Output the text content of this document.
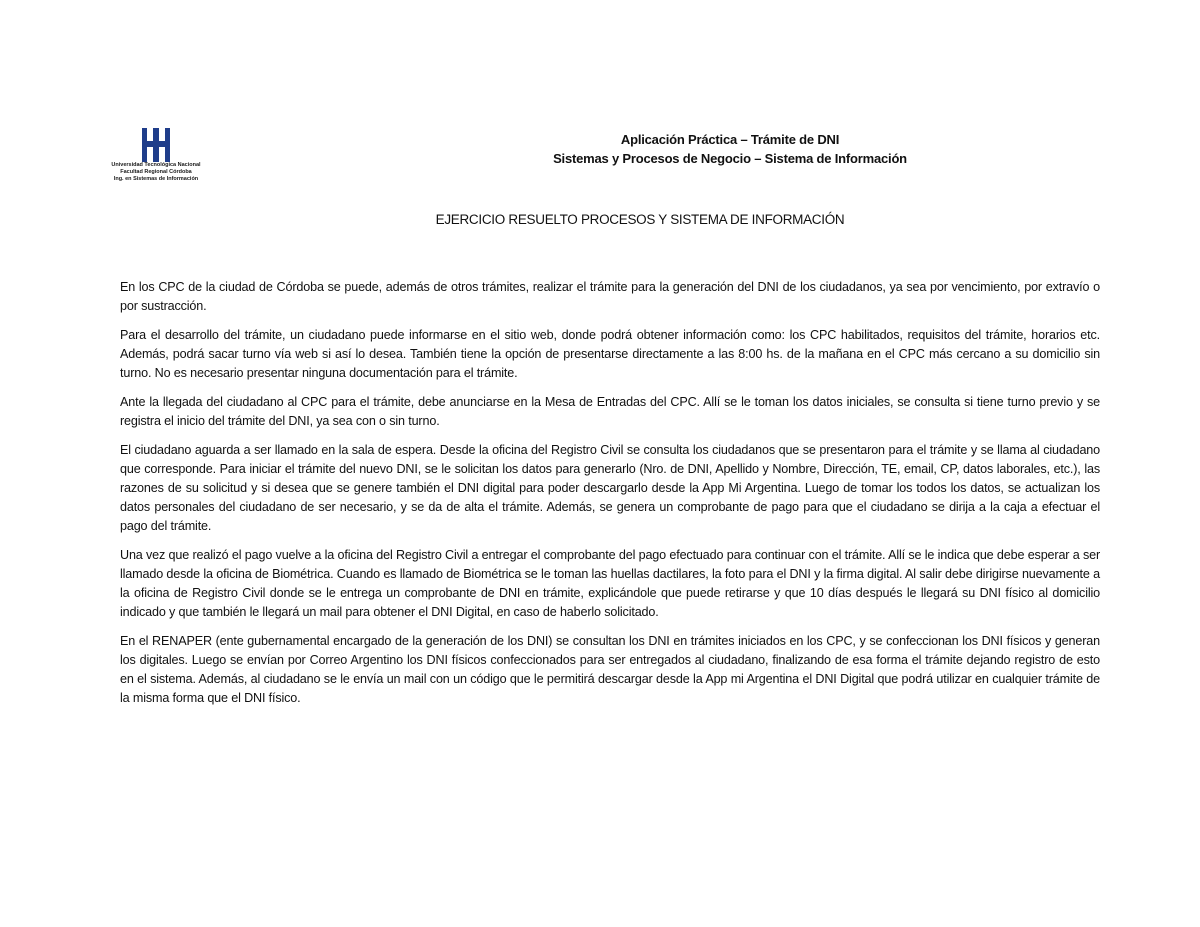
Universidad Tecnológica Nacional
Facultad Regional Córdoba
Ing. en Sistemas de Información
Aplicación Práctica – Trámite de DNI
Sistemas y Procesos de Negocio – Sistema de Información
EJERCICIO RESUELTO PROCESOS Y SISTEMA DE INFORMACIÓN

En los CPC de la ciudad de Córdoba se puede, además de otros trámites, realizar el trámite para la generación del DNI de los ciudadanos, ya sea por vencimiento, por extravío o por sustracción.

Para el desarrollo del trámite, un ciudadano puede informarse en el sitio web, donde podrá obtener información como: los CPC habilitados, requisitos del trámite, horarios etc. Además, podrá sacar turno vía web si así lo desea. También tiene la opción de presentarse directamente a las 8:00 hs. de la mañana en el CPC más cercano a su domicilio sin turno. No es necesario presentar ninguna documentación para el trámite.

Ante la llegada del ciudadano al CPC para el trámite, debe anunciarse en la Mesa de Entradas del CPC. Allí se le toman los datos iniciales, se consulta si tiene turno previo y se registra el inicio del trámite del DNI, ya sea con o sin turno.

El ciudadano aguarda a ser llamado en la sala de espera. Desde la oficina del Registro Civil se consulta los ciudadanos que se presentaron para el trámite y se llama al ciudadano que corresponde. Para iniciar el trámite del nuevo DNI, se le solicitan los datos para generarlo (Nro. de DNI, Apellido y Nombre, Dirección, TE, email, CP, datos laborales, etc.), las razones de su solicitud y si desea que se genere también el DNI digital para poder descargarlo desde la App Mi Argentina. Luego de tomar los todos los datos, se actualizan los datos personales del ciudadano de ser necesario, y se da de alta el trámite. Además, se genera un comprobante de pago para que el ciudadano se dirija a la caja a efectuar el pago del trámite.

Una vez que realizó el pago vuelve a la oficina del Registro Civil a entregar el comprobante del pago efectuado para continuar con el trámite. Allí se le indica que debe esperar a ser llamado desde la oficina de Biométrica. Cuando es llamado de Biométrica se le toman las huellas dactilares, la foto para el DNI y la firma digital. Al salir debe dirigirse nuevamente a la oficina de Registro Civil donde se le entrega un comprobante de DNI en trámite, explicándole que puede retirarse y que 10 días después le llegará su DNI físico al domicilio indicado y que también le llegará un mail para obtener el DNI Digital, en caso de haberlo solicitado.

En el RENAPER (ente gubernamental encargado de la generación de los DNI) se consultan los DNI en trámites iniciados en los CPC, y se confeccionan los DNI físicos y generan los digitales. Luego se envían por Correo Argentino los DNI físicos confeccionados para ser entregados al ciudadano, finalizando de esa forma el trámite dejando registro de esto en el sistema. Además, al ciudadano se le envía un mail con un código que le permitirá descargar desde la App mi Argentina el DNI Digital que podrá utilizar en cualquier trámite de la misma forma que el DNI físico.
